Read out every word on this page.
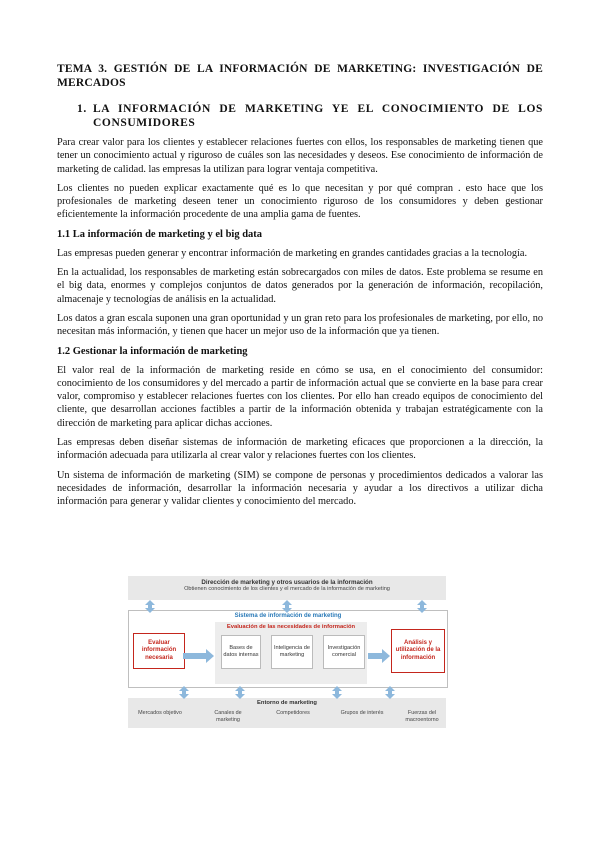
TEMA 3. GESTIÓN DE LA INFORMACIÓN DE MARKETING: INVESTIGACIÓN DE MERCADOS
1. LA INFORMACIÓN DE MARKETING YE EL CONOCIMIENTO DE LOS CONSUMIDORES

Para crear valor para los clientes y establecer relaciones fuertes con ellos, los responsables de marketing tienen que tener un conocimiento actual y riguroso de cuáles son las necesidades y deseos. Ese conocimiento de información de marketing de calidad. las empresas la utilizan para lograr ventaja competitiva.

Los clientes no pueden explicar exactamente qué es lo que necesitan y por qué compran . esto hace que los profesionales de marketing deseen tener un conocimiento riguroso de los consumidores y deben gestionar eficientemente la información procedente de una amplia gama de fuentes.

1.1 La información de marketing y el big data

Las empresas pueden generar y encontrar información de marketing en grandes cantidades gracias a la tecnología.

En la actualidad, los responsables de marketing están sobrecargados con miles de datos. Este problema se resume en el big data, enormes y complejos conjuntos de datos generados por la generación de información, recopilación, almacenaje y tecnologías de análisis en la actualidad.

Los datos a gran escala suponen una gran oportunidad y un gran reto para los profesionales de marketing, por ello, no necesitan más información, y tienen que hacer un mejor uso de la información que ya tienen.

1.2 Gestionar la información de marketing

El valor real de la información de marketing reside en cómo se usa, en el conocimiento del consumidor: conocimiento de los consumidores y del mercado a partir de información actual que se convierte en la base para crear valor, compromiso y establecer relaciones fuertes con los clientes. Por ello han creado equipos de conocimiento del cliente, que desarrollan acciones factibles a partir de la información obtenida y trabajan estratégicamente con la dirección de marketing para aplicar dichas acciones.

Las empresas deben diseñar sistemas de información de marketing eficaces que proporcionen a la dirección, la información adecuada para utilizarla al crear valor y relaciones fuertes con los clientes.

Un sistema de información de marketing (SIM) se compone de personas y procedimientos dedicados a valorar las necesidades de información, desarrollar la información necesaria y ayudar a los directivos a utilizar dicha información para generar y validar clientes y conocimiento del mercado.

Dirección de marketing y otros usuarios de la información
Obtienen conocimiento de los clientes y el mercado de la información de marketing
Sistema de información de marketing
Evaluar información necesaria
Evaluación de las necesidades de información
Bases de datos internas
Inteligencia de marketing
Investigación comercial
Análisis y utilización de la información
Entorno de marketing
Mercados objetivo	Canales de marketing
Competidores	Grupos de interés	Fuerzas del macroentorno
